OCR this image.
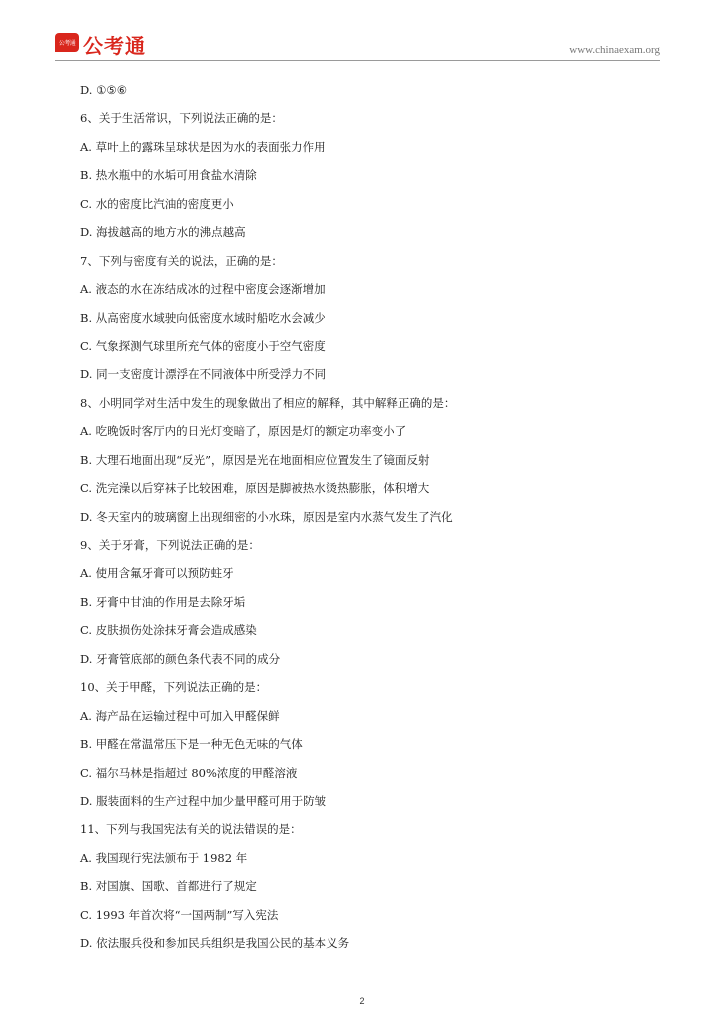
公考通 公考通	www.chinaexam.org
D. ①⑤⑥
6、关于生活常识，下列说法正确的是：
A. 草叶上的露珠呈球状是因为水的表面张力作用
B. 热水瓶中的水垢可用食盐水清除
C. 水的密度比汽油的密度更小
D. 海拔越高的地方水的沸点越高
7、下列与密度有关的说法，正确的是：
A. 液态的水在冻结成冰的过程中密度会逐渐增加
B. 从高密度水域驶向低密度水域时船吃水会减少
C. 气象探测气球里所充气体的密度小于空气密度
D. 同一支密度计漂浮在不同液体中所受浮力不同
8、小明同学对生活中发生的现象做出了相应的解释，其中解释正确的是：
A. 吃晚饭时客厅内的日光灯变暗了，原因是灯的额定功率变小了
B. 大理石地面出现“反光”，原因是光在地面相应位置发生了镜面反射
C. 洗完澡以后穿袜子比较困难，原因是脚被热水烫热膨胀，体积增大
D. 冬天室内的玻璃窗上出现细密的小水珠，原因是室内水蒸气发生了汽化
9、关于牙膏，下列说法正确的是：
A. 使用含氟牙膏可以预防蛀牙
B. 牙膏中甘油的作用是去除牙垢
C. 皮肤损伤处涂抹牙膏会造成感染
D. 牙膏管底部的颜色条代表不同的成分
10、关于甲醛，下列说法正确的是：
A. 海产品在运输过程中可加入甲醛保鲜
B. 甲醛在常温常压下是一种无色无味的气体
C. 福尔马林是指超过 80%浓度的甲醛溶液
D. 服装面料的生产过程中加少量甲醛可用于防皱
11、下列与我国宪法有关的说法错误的是：
A. 我国现行宪法颁布于 1982 年
B. 对国旗、国歌、首都进行了规定
C. 1993 年首次将“一国两制”写入宪法
D. 依法服兵役和参加民兵组织是我国公民的基本义务
2
